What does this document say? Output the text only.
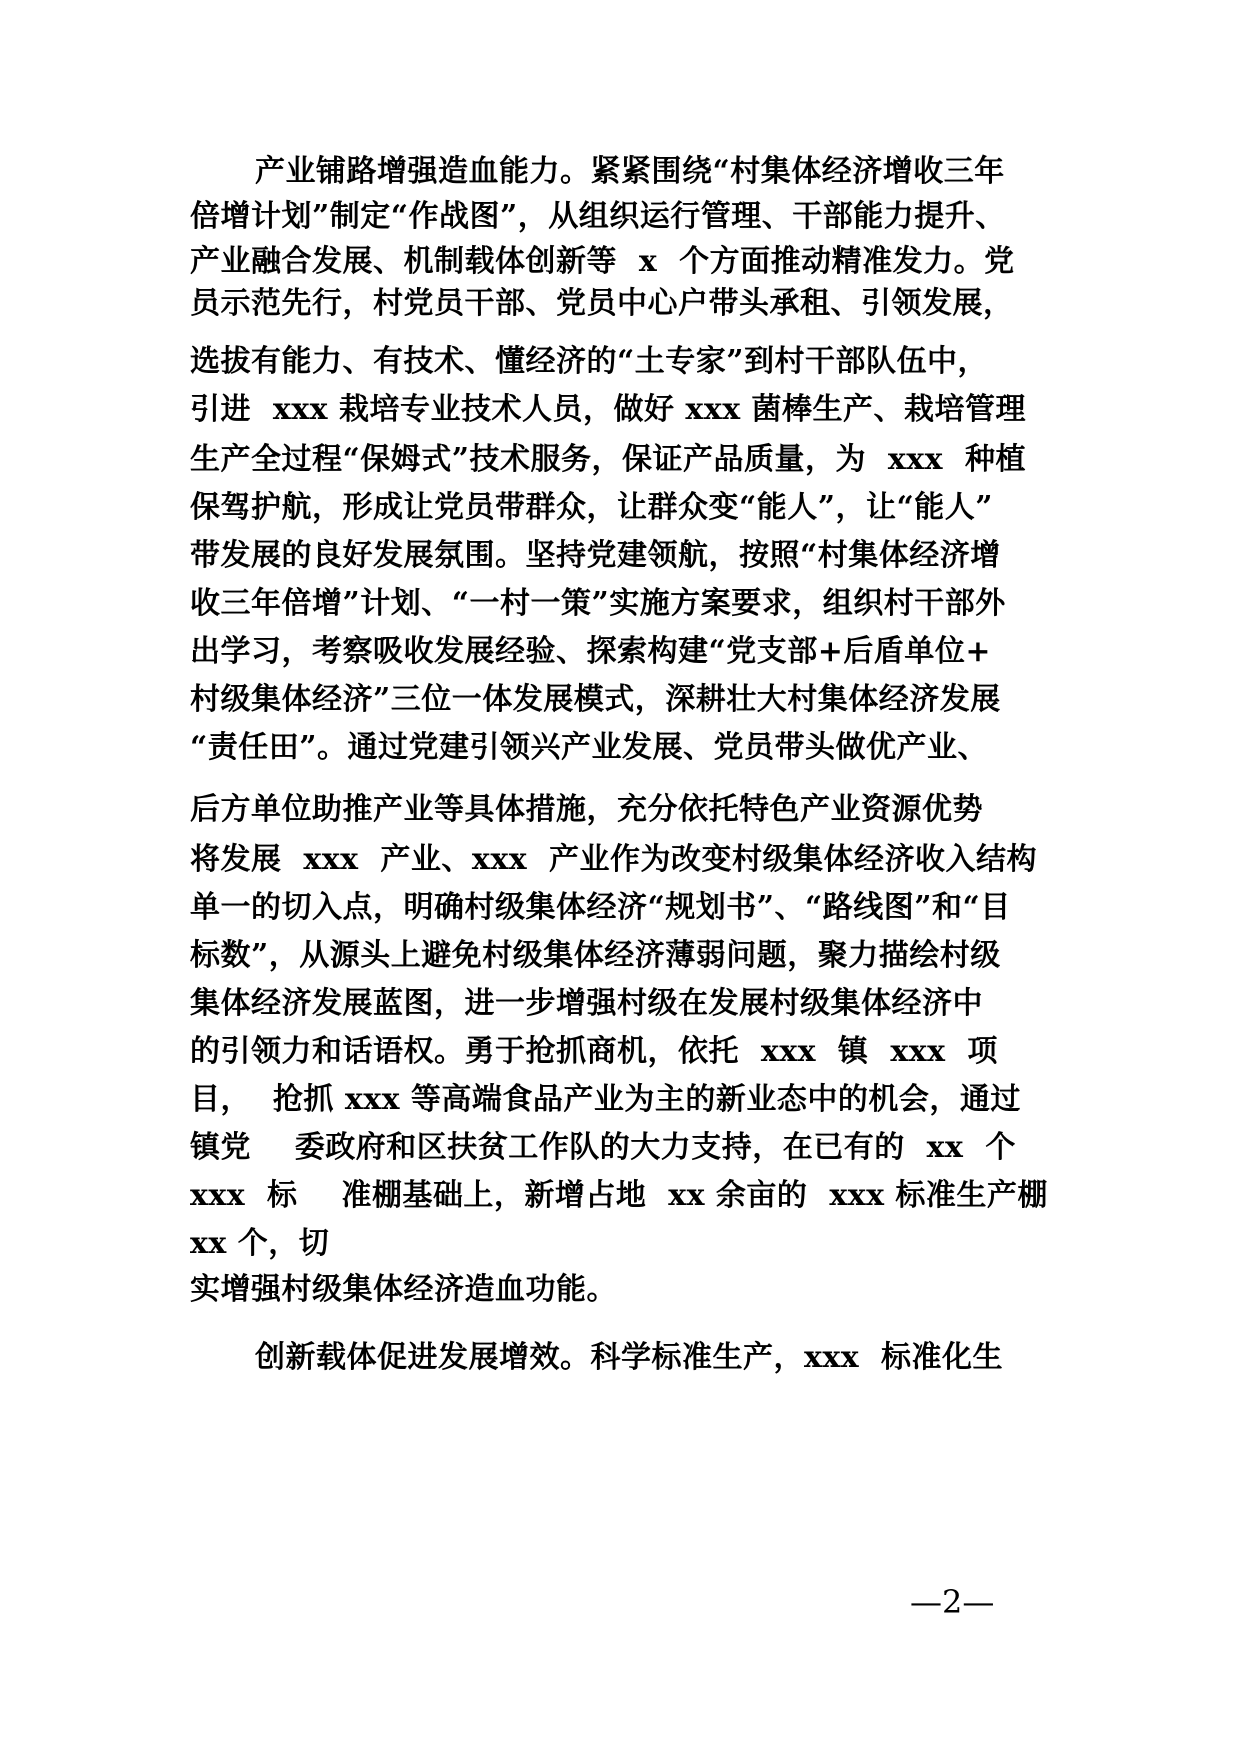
产业铺路增强造血能力。紧紧围绕“村集体经济增收三年
倍增计划”制定“作战图”，从组织运行管理、干部能力提升、
产业融合发展、机制载体创新等  x  个方面推动精准发力。党
员示范先行，村党员干部、党员中心户带头承租、引领发展，
选拔有能力、有技术、懂经济的“土专家”到村干部队伍中，
引进  xxx 栽培专业技术人员，做好 xxx 菌棒生产、栽培管理
生产全过程“保姆式”技术服务，保证产品质量，为  xxx  种植
保驾护航，形成让党员带群众，让群众变“能人”，让“能人”
带发展的良好发展氛围。坚持党建领航，按照“村集体经济增
收三年倍增”计划、“一村一策”实施方案要求，组织村干部外
出学习，考察吸收发展经验、探索构建“党支部+后盾单位+
村级集体经济”三位一体发展模式，深耕壮大村集体经济发展
“责任田”。通过党建引领兴产业发展、党员带头做优产业、
后方单位助推产业等具体措施，充分依托特色产业资源优势
将发展  xxx  产业、xxx  产业作为改变村级集体经济收入结构
单一的切入点，明确村级集体经济“规划书”、“路线图”和“目
标数”，从源头上避免村级集体经济薄弱问题，聚力描绘村级
集体经济发展蓝图，进一步增强村级在发展村级集体经济中
的引领力和话语权。勇于抢抓商机，依托  xxx  镇  xxx  项
目，  抢抓 xxx 等高端食品产业为主的新业态中的机会，通过
镇党    委政府和区扶贫工作队的大力支持，在已有的  xx  个
xxx  标    准棚基础上，新增占地  xx 余亩的  xxx 标准生产棚
xx 个，切
实增强村级集体经济造血功能。
创新载体促进发展增效。科学标准生产，xxx  标准化生
—2—
